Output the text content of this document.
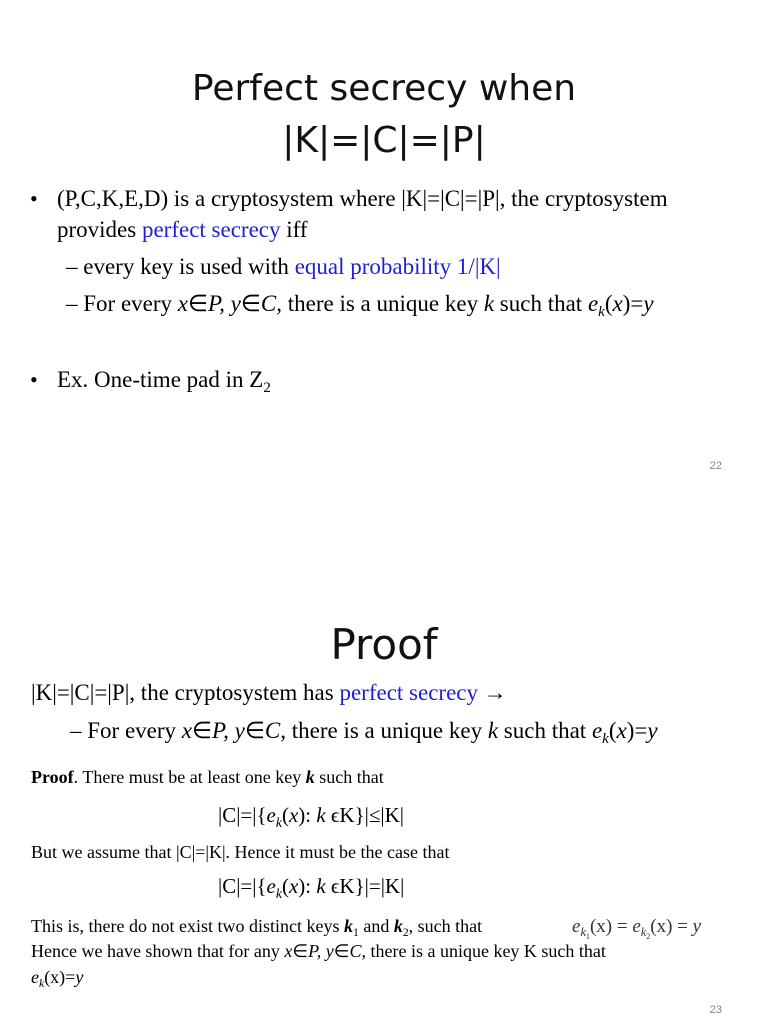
Perfect secrecy when
|K|=|C|=|P|
• (P,C,K,E,D) is a cryptosystem where |K|=|C|=|P|, the cryptosystem
provides perfect secrecy iff
– every key is used with equal probability 1/|K|
– For every x∈P, y∈C, there is a unique key k such that $e_k(x)=y$
• Ex. One-time pad in $Z_2$
22
Proof
|K|=|C|=|P|, the cryptosystem has perfect secrecy →
– For every x∈P, y∈C, there is a unique key k such that $e_k(x)=y$
Proof. There must be at least one key k such that
$|C|=|\{e_k(x)$: k ϵK}|≤|K|
But we assume that |C|=|K|. Hence it must be the case that
$|C|=|\{e_k(x)$: k ϵK}|=|K|
This is, there do not exist two distinct keys $k_1$ and $k_2$, such that	$e_{k_1}(x) = e_{k_2}(x) = y$
Hence we have shown that for any x∈P, y∈C, there is a unique key K such that
$e_k(x)=y$
23
